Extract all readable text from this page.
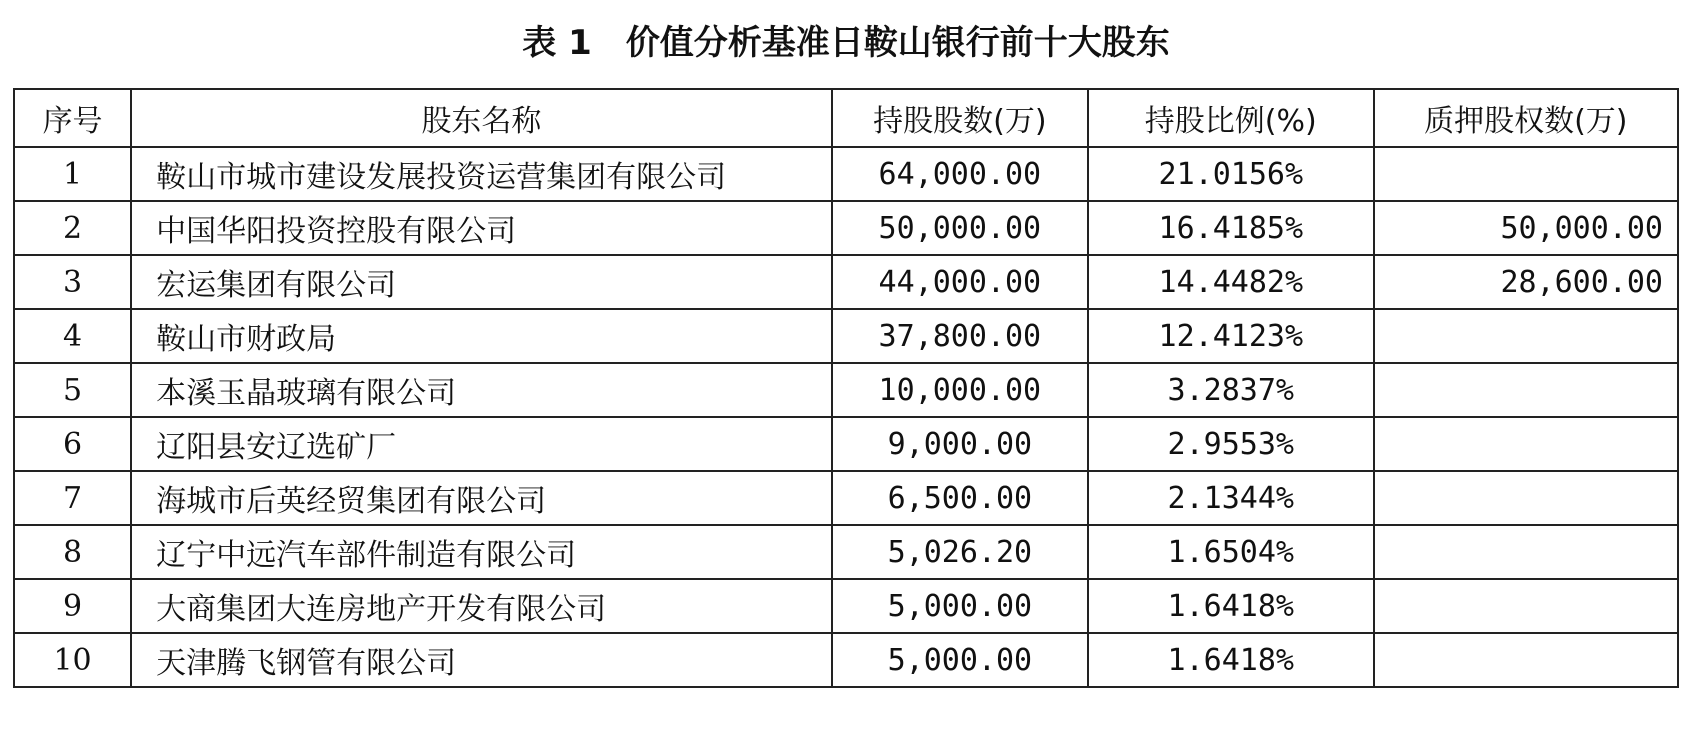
表 1　价值分析基准日鞍山银行前十大股东
序号	股东名称	持股股数(万)	持股比例(%)	质押股权数(万)
1	鞍山市城市建设发展投资运营集团有限公司	64,000.00	21.0156%	
2	中国华阳投资控股有限公司	50,000.00	16.4185%	50,000.00
3	宏运集团有限公司	44,000.00	14.4482%	28,600.00
4	鞍山市财政局	37,800.00	12.4123%	
5	本溪玉晶玻璃有限公司	10,000.00	3.2837%	
6	辽阳县安辽选矿厂	9,000.00	2.9553%	
7	海城市后英经贸集团有限公司	6,500.00	2.1344%	
8	辽宁中远汽车部件制造有限公司	5,026.20	1.6504%	
9	大商集团大连房地产开发有限公司	5,000.00	1.6418%	
10	天津腾飞钢管有限公司	5,000.00	1.6418%	
